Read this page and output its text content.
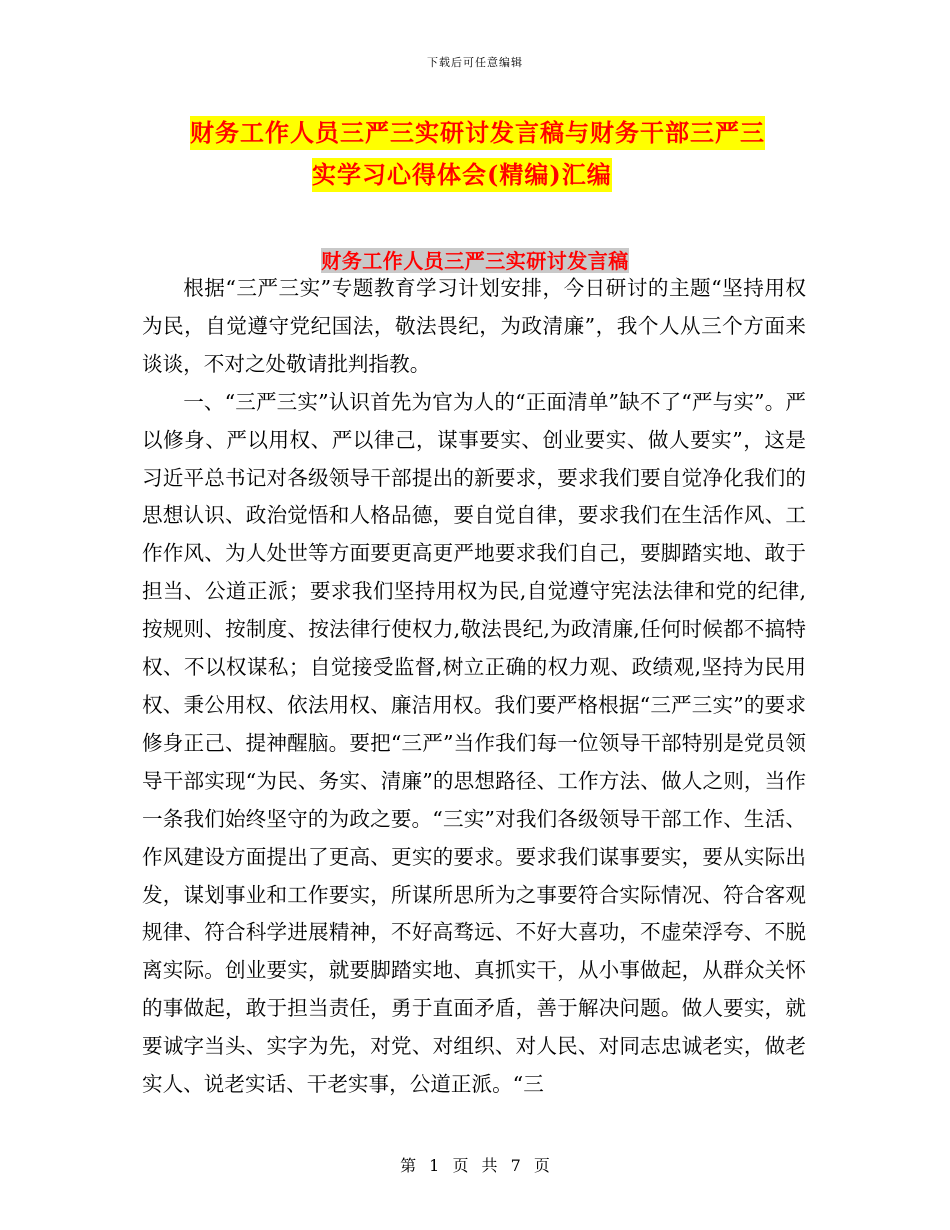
下载后可任意编辑
财务工作人员三严三实研讨发言稿与财务干部三严三
实学习心得体会(精编)汇编
财务工作人员三严三实研讨发言稿

根据“三严三实”专题教育学习计划安排，今日研讨的主题“坚持用权为民，自觉遵守党纪国法，敬法畏纪，为政清廉”，我个人从三个方面来谈谈，不对之处敬请批判指教。

一、“三严三实”认识首先为官为人的“正面清单”缺不了“严与实”。严以修身、严以用权、严以律己，谋事要实、创业要实、做人要实”，这是习近平总书记对各级领导干部提出的新要求，要求我们要自觉净化我们的思想认识、政治觉悟和人格品德，要自觉自律，要求我们在生活作风、工作作风、为人处世等方面要更高更严地要求我们自己，要脚踏实地、敢于担当、公道正派；要求我们坚持用权为民,自觉遵守宪法法律和党的纪律,按规则、按制度、按法律行使权力,敬法畏纪,为政清廉,任何时候都不搞特权、不以权谋私；自觉接受监督,树立正确的权力观、政绩观,坚持为民用权、秉公用权、依法用权、廉洁用权。我们要严格根据“三严三实”的要求修身正己、提神醒脑。要把“三严”当作我们每一位领导干部特别是党员领导干部实现“为民、务实、清廉”的思想路径、工作方法、做人之则，当作一条我们始终坚守的为政之要。“三实”对我们各级领导干部工作、生活、作风建设方面提出了更高、更实的要求。要求我们谋事要实，要从实际出发，谋划事业和工作要实，所谋所思所为之事要符合实际情况、符合客观规律、符合科学进展精神，不好高骛远、不好大喜功，不虚荣浮夸、不脱离实际。创业要实，就要脚踏实地、真抓实干，从小事做起，从群众关怀的事做起，敢于担当责任，勇于直面矛盾，善于解决问题。做人要实，就要诚字当头、实字为先，对党、对组织、对人民、对同志忠诚老实，做老实人、说老实话、干老实事，公道正派。“三

第 1 页 共 7 页
